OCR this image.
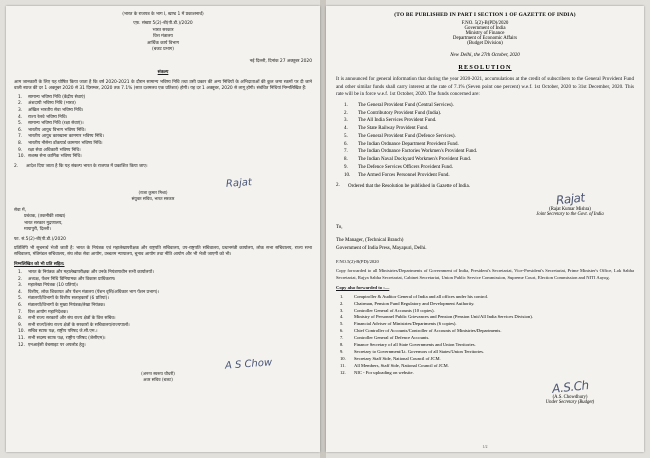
(भारत के राजपत्र के भाग I, खण्ड 1 में प्रकाशनार्थ)
एफ़. संख्या 5(2)-बी(पी.डी.)/2020
भारत सरकार
वित्त मंत्रालय
आर्थिक कार्य विभाग
(बजट प्रभाग)
नई दिल्ली, दिनांक 27 अक्तूबर 2020
संकल्प
आम जानकारी के लिए यह घोषित किया जाता है कि वर्ष 2020-2021 के दौरान सामान्य भविष्य निधि तथा उसी प्रकार की अन्य निधियों के अभिदाताओं की कुल जमा रकमों पर दी जाने वाली ब्याज की दर 1 अक्तूबर 2020 से 31 दिसम्बर, 2020 तक 7.1% (सात दशमलव एक प्रतिशत) होगी। यह दर 1 अक्तूबर, 2020 से लागू होगी। संबंधित निधियां निम्नलिखित हैं:
1.	सामान्य भविष्य निधि (केंद्रीय सेवाएं)
2.	अंशदायी भविष्य निधि (भारत)
3.	अखिल भारतीय सेवा भविष्य निधि।
4.	राज्य रेलवे भविष्य निधि।
5.	सामान्य भविष्य निधि (रक्षा सेवाएं)।
6.	भारतीय आयुध विभाग भविष्य निधि।
7.	भारतीय आयुध कारखाना कामगार भविष्य निधि।
8.	भारतीय नौसेना डॉकयार्ड कामगार भविष्य निधि।
9.	रक्षा सेवा अधिकारी भविष्य निधि।
10. सशस्त्र सेना कार्मिक भविष्य निधि।
2.	आदेश दिया जाता है कि यह संकल्प भारत के राजपत्र में प्रकाशित किया जाए।
Rajat
(राजा कुमार मिश्रा)
संयुक्त सचिव, भारत सरकार
सेवा में,
प्रबंधक, (तकनीकी शाखा)
भारत सरकार मुद्रणालय,
मायापुरी, दिल्ली।
फा. सं.5(2)-बी(पी.डी.)/2020
प्रतिलिपि भी सूचनार्थ भेजी जाती है: भारत के नियंत्रक एवं महालेखापरीक्षक और राष्ट्रपति सचिवालय, उप-राष्ट्रपति सचिवालय, प्रधानमंत्री कार्यालय, लोक सभा सचिवालय, राज्य सभा सचिवालय, मंत्रिमंडल सचिवालय, संघ लोक सेवा आयोग, उच्चतम न्यायालय, चुनाव आयोग तथा नीति आयोग और भी भेजी जाएगी को भी।
निम्नलिखित को भी प्रति सहित:
1.	भारत के नियंत्रक और महालेखापरीक्षक और उनके नियंत्रणाधीन सभी कार्यालयों।
2.	अध्यक्ष, पेंशन निधि विनियामक और विकास प्राधिकरण।
3.	महालेखा नियंत्रक (10 प्रतियां)।
4.	वित्तीय, लोक शिकायत और पेंशन मंत्रालय (पेंशन वृत्ति/अधिकार भाग पेंशन प्रभाग)।
5.	मंत्रालयों/विभागों के वित्तीय सलाहकारों (6 प्रतियां)।
6.	मंत्रालयों/विभागों के मुख्य नियंत्रक/लेखा नियंत्रक।
7.	वित्त आयोग महानिदेशक।
8.	सभी राज्य सरकारों और संघ राज्य क्षेत्रों के वित्त सचिव।
9.	सभी राज्यों/संघ राज्य क्षेत्रों के सरकारों के सचिवालय/राज्यपालों।
10. सचिव स्टाफ पक्ष, राष्ट्रीय परिषद जे.सी.एम.।
11. सभी सदस्य स्टाफ पक्ष, राष्ट्रीय परिषद (जेसीएम)।
12. एनआईसी वेबसाइट पर अपलोड हेतु।
A S Chow
(अनन्त स्वरूप चौधरी)
अवर सचिव (बजट)
(TO BE PUBLISHED IN PART I SECTION 1 OF GAZETTE OF INDIA)
F.NO. 5(2)-B(PD)/2020
Government of India
Ministry of Finance
Department of Economic Affairs
(Budget Division)
New Delhi, the 27th October, 2020
RESOLUTION
It is announced for general information that during the year 2020-2021, accumulations at the credit of subscribers to the General Provident Fund and other similar funds shall carry interest at the rate of 7.1% (Seven point one percent) w.e.f. 1st October, 2020 to 31st December, 2020. This rate will be in force w.e.f. 1st October, 2020. The funds concerned are:
The General Provident Fund (Central Services).
The Contributory Provident Fund (India).
The All India Services Provident Fund.
The State Railway Provident Fund.
The General Provident Fund (Defence Services).
The Indian Ordnance Department Provident Fund.
The Indian Ordnance Factories Workmen's Provident Fund.
The Indian Naval Dockyard Workmen's Provident Fund.
The Defence Services Officers Provident Fund.
The Armed Forces Personnel Provident Fund.
2.	Ordered that the Resolution be published in Gazette of India.
Rajat
(Rajat Kumar Mishra)
Joint Secretary to the Govt. of India
To,
The Manager, (Technical Branch)
Government of India Press, Mayapuri, Delhi.
F.NO.5(2)-B(PD)/2020
Copy forwarded to all Ministries/Departments of Government of India, President's Secretariat, Vice-President's Secretariat, Prime Minister's Office, Lok Sabha Secretariat, Rajya Sabha Secretariat, Cabinet Secretariat, Union Public Service Commission, Supreme Court, Election Commission and NITI Aayog.
Copy also forwarded to :—
Comptroller & Auditor General of India and all offices under his control.
Chairman, Pension Fund Regulatory and Development Authority.
Controller General of Accounts (10 copies).
Ministry of Personnel Public Grievances and Pension (Pension Unit/All India Services Division).
Financial Adviser of Ministries/Departments (6 copies).
Chief Controller of Accounts/Controller of Accounts of Ministries/Departments.
Controller General of Defence Accounts.
Finance Secretary of all State Governments and Union Territories.
Secretary to Government/Lt. Governors of all States/Union Territories.
Secretary Staff Side, National Council of JCM.
All Members, Staff Side, National Council of JCM.
NIC - For uploading on website.
A.S.Ch
(A.S. Chowdhury)
Under Secretary (Budget)
1/2
